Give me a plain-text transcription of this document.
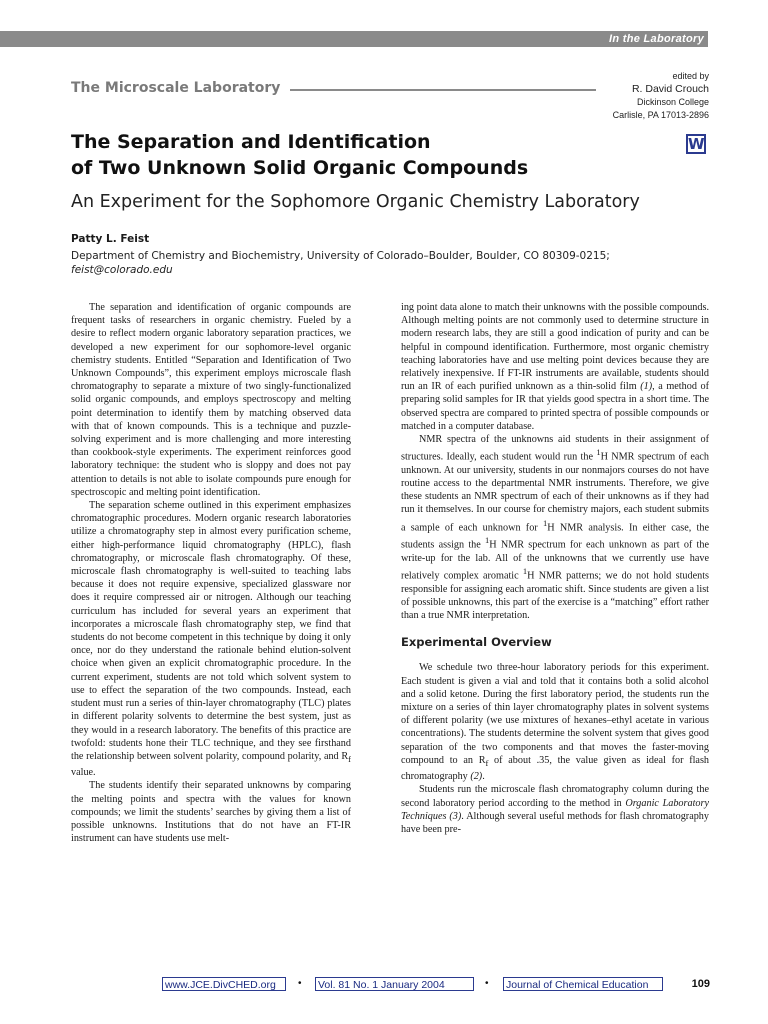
In the Laboratory
The Microscale Laboratory
edited by
R. David Crouch
Dickinson College
Carlisle, PA 17013-2896
The Separation and Identification
of Two Unknown Solid Organic Compounds
W
An Experiment for the Sophomore Organic Chemistry Laboratory
Patty L. Feist
Department of Chemistry and Biochemistry, University of Colorado–Boulder, Boulder, CO 80309-0215;
feist@colorado.edu

The separation and identification of organic compounds are frequent tasks of researchers in organic chemistry. Fueled by a desire to reflect modern organic laboratory separation practices, we developed a new experiment for our sophomore-level organic chemistry students. Entitled “Separation and Identification of Two Unknown Compounds”, this experiment employs microscale flash chromatography to separate a mixture of two singly-functionalized solid organic compounds, and employs spectroscopy and melting point determination to identify them by matching observed data with that of known compounds. This is a technique and puzzle-solving experiment and is more challenging and more interesting than cookbook-style experiments. The experiment reinforces good laboratory technique: the student who is sloppy and does not pay attention to details is not able to isolate compounds pure enough for spectroscopic and melting point identification.

The separation scheme outlined in this experiment emphasizes chromatographic procedures. Modern organic research laboratories utilize a chromatography step in almost every purification scheme, either high-performance liquid chromatography (HPLC), flash chromatography, or microscale flash chromatography. Of these, microscale flash chromatography is well-suited to teaching labs because it does not require expensive, specialized glassware nor does it require compressed air or nitrogen. Although our teaching curriculum has included for several years an experiment that incorporates a microscale flash chromatography step, we find that students do not become competent in this technique by doing it only once, nor do they understand the rationale behind elution-solvent choice when given an explicit chromatographic procedure. In the current experiment, students are not told which solvent system to use to effect the separation of the two compounds. Instead, each student must run a series of thin-layer chromatography (TLC) plates in different polarity solvents to determine the best system, just as they would in a research laboratory. The benefits of this practice are twofold: students hone their TLC technique, and they see firsthand the relationship between solvent polarity, compound polarity, and $R_f$ value.

The students identify their separated unknowns by comparing the melting points and spectra with the values for known compounds; we limit the students’ searches by giving them a list of possible unknowns. Institutions that do not have an FT-IR instrument can have students use melt-

ing point data alone to match their unknowns with the possible compounds. Although melting points are not commonly used to determine structure in modern research labs, they are still a good indication of purity and can be helpful in compound identification. Furthermore, most organic chemistry teaching laboratories have and use melting point devices because they are relatively inexpensive. If FT-IR instruments are available, students should run an IR of each purified unknown as a thin-solid film (1), a method of preparing solid samples for IR that yields good spectra in a short time. The observed spectra are compared to printed spectra of possible compounds or matched in a computer database.

NMR spectra of the unknowns aid students in their assignment of structures. Ideally, each student would run the $^1$H NMR spectrum of each unknown. At our university, students in our nonmajors courses do not have routine access to the departmental NMR instruments. Therefore, we give these students an NMR spectrum of each of their unknowns as if they had run it themselves. In our course for chemistry majors, each student submits a sample of each unknown for $^1$H NMR analysis. In either case, the students assign the $^1$H NMR spectrum for each unknown as part of the write-up for the lab. All of the unknowns that we currently use have relatively complex aromatic $^1$H NMR patterns; we do not hold students responsible for assigning each aromatic shift. Since students are given a list of possible unknowns, this part of the exercise is a “matching” effort rather than a true NMR interpretation.

Experimental Overview

We schedule two three-hour laboratory periods for this experiment. Each student is given a vial and told that it contains both a solid alcohol and a solid ketone. During the first laboratory period, the students run the mixture on a series of thin layer chromatography plates in solvent systems of different polarity (we use mixtures of hexanes–ethyl acetate in various concentrations). The students determine the solvent system that gives good separation of the two components and that moves the faster-moving compound to an $R_f$ of about .35, the value given as ideal for flash chromatography (2).

Students run the microscale flash chromatography column during the second laboratory period according to the method in Organic Laboratory Techniques (3). Although several useful methods for flash chromatography have been pre-

www.JCE.DivCHED.org	• Vol. 81 No. 1 January 2004	• Journal of Chemical Education	109
